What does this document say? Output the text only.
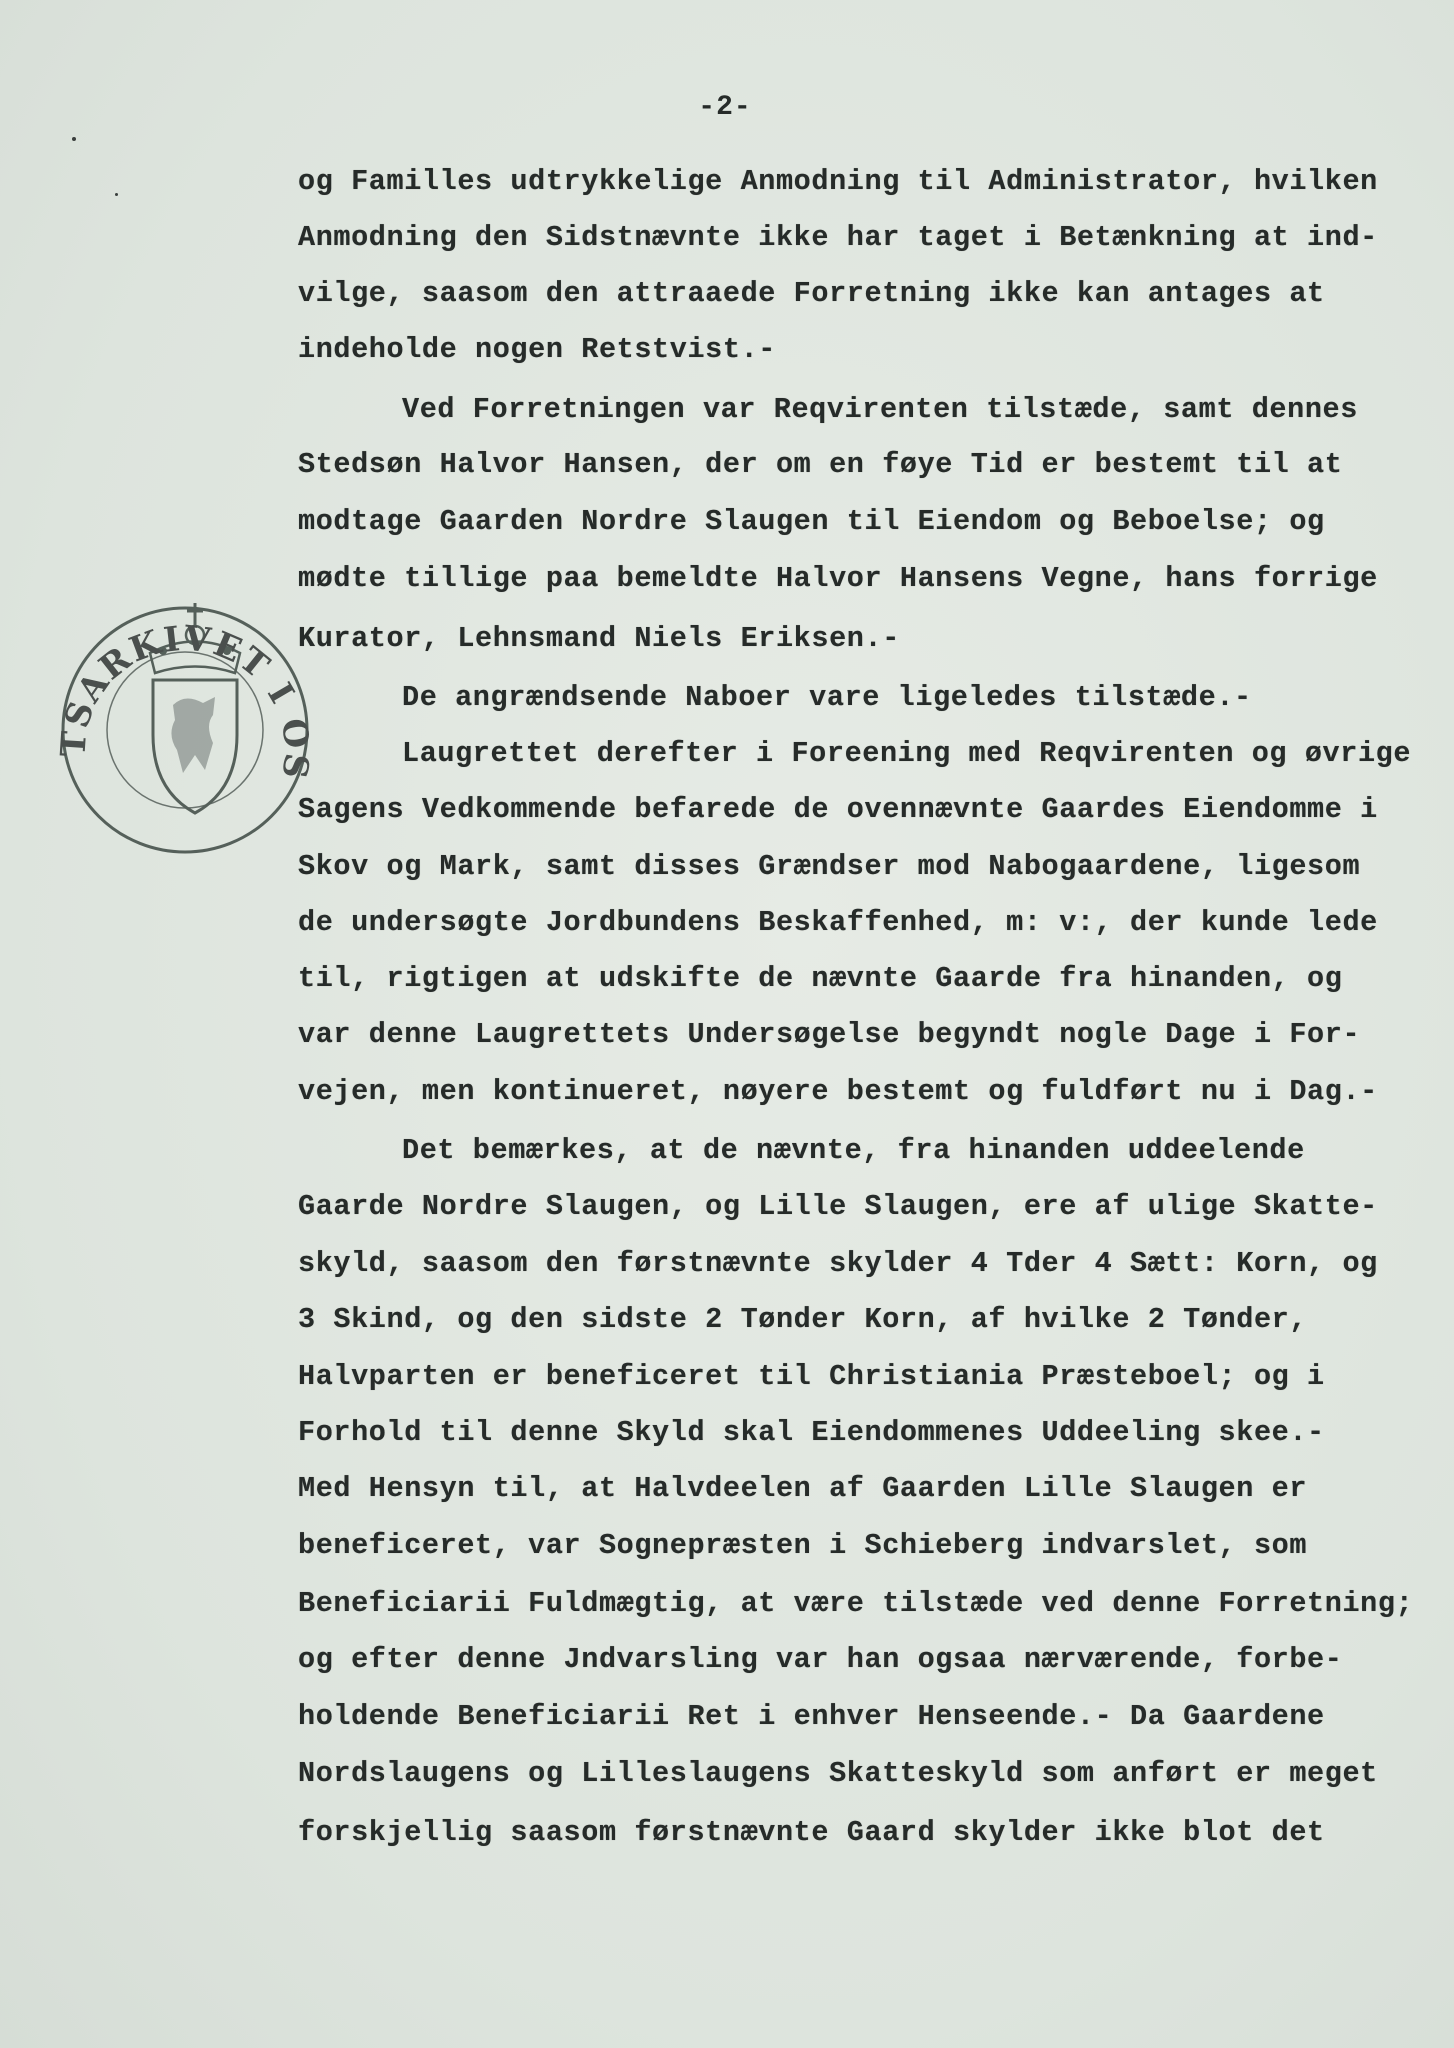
-2-
TSARKIVET I OS
og Familles udtrykkelige Anmodning til Administrator, hvilken
Anmodning den Sidstnævnte ikke har taget i Betænkning at ind-
vilge, saasom den attraaede Forretning ikke kan antages at
indeholde nogen Retstvist.-
Ved Forretningen var Reqvirenten tilstæde, samt dennes
Stedsøn Halvor Hansen, der om en føye Tid er bestemt til at
modtage Gaarden Nordre Slaugen til Eiendom og Beboelse; og
mødte tillige paa bemeldte Halvor Hansens Vegne, hans forrige
Kurator, Lehnsmand Niels Eriksen.-
De angrændsende Naboer vare ligeledes tilstæde.-
Laugrettet derefter i Foreening med Reqvirenten og øvrige
Sagens Vedkommende befarede de ovennævnte Gaardes Eiendomme i
Skov og Mark, samt disses Grændser mod Nabogaardene, ligesom
de undersøgte Jordbundens Beskaffenhed, m: v:, der kunde lede
til, rigtigen at udskifte de nævnte Gaarde fra hinanden, og
var denne Laugrettets Undersøgelse begyndt nogle Dage i For-
vejen, men kontinueret, nøyere bestemt og fuldført nu i Dag.-
Det bemærkes, at de nævnte, fra hinanden uddeelende
Gaarde Nordre Slaugen, og Lille Slaugen, ere af ulige Skatte-
skyld, saasom den førstnævnte skylder 4 Tder 4 Sætt: Korn, og
3 Skind, og den sidste 2 Tønder Korn, af hvilke 2 Tønder,
Halvparten er beneficeret til Christiania Præsteboel; og i
Forhold til denne Skyld skal Eiendommenes Uddeeling skee.-
Med Hensyn til, at Halvdeelen af Gaarden Lille Slaugen er
beneficeret, var Sognepræsten i Schieberg indvarslet, som
Beneficiarii Fuldmægtig, at være tilstæde ved denne Forretning;
og efter denne Jndvarsling var han ogsaa nærværende, forbe-
holdende Beneficiarii Ret i enhver Henseende.- Da Gaardene
Nordslaugens og Lilleslaugens Skatteskyld som anført er meget
forskjellig saasom førstnævnte Gaard skylder ikke blot det
